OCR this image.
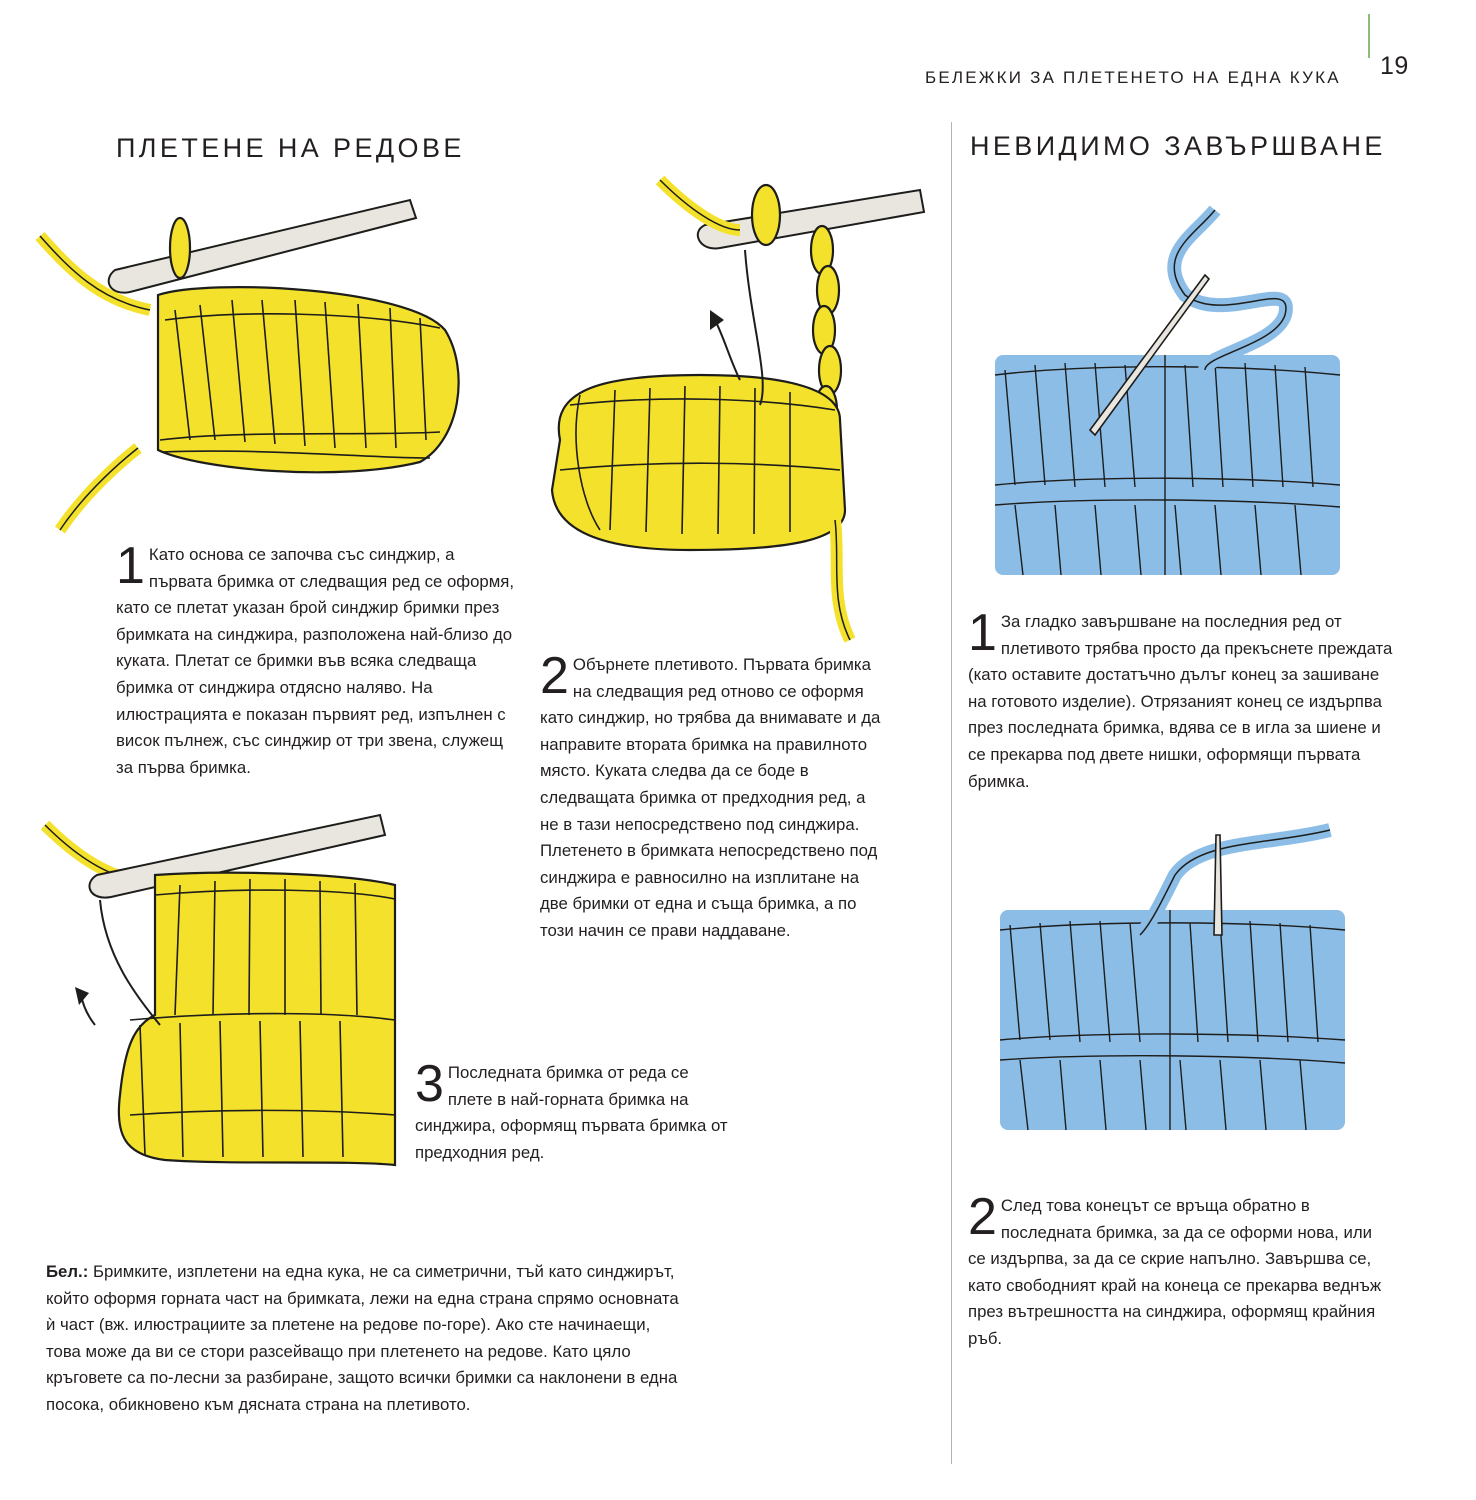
БЕЛЕЖКИ ЗА ПЛЕТЕНЕТО НА ЕДНА КУКА 19
ПЛЕТЕНЕ НА РЕДОВЕ	НЕВИДИМО ЗАВЪРШВАНЕ
1 Като основа се започва със синджир, а първата бримка от следващия ред се оформя, като се плетат указан брой синджир бримки през бримката на синджира, разположена най-близо до куката. Плетат се бримки във всяка следваща бримка от синджира отдясно наляво. На илюстрацията е показан първият ред, изпълнен с висок пълнеж, със синджир от три звена, служещ за първа бримка.
2 Обърнете плетивото. Първата бримка на следващия ред отново се оформя като синджир, но трябва да внимавате и да направите втората бримка на правилното място. Куката следва да се боде в следващата бримка от предходния ред, а не в тази непосредствено под синджира. Плетенето в бримката непосредствено под синджира е равносилно на изплитане на две бримки от една и съща бримка, а по този начин се прави наддаване.
3 Последната бримка от реда се плете в най-горната бримка на синджира, оформящ първата бримка от предходния ред.
1 За гладко завършване на последния ред от плетивото трябва просто да прекъснете преждата (като оставите достатъчно дълъг конец за зашиване на готовото изделие). Отрязаният конец се издърпва през последната бримка, вдява се в игла за шиене и се прекарва под двете нишки, оформящи първата бримка.
2 След това конецът се връща обратно в последната бримка, за да се оформи нова, или се издърпва, за да се скрие напълно. Завършва се, като свободният край на конеца се прекарва веднъж през вътрешността на синджира, оформящ крайния ръб.
Бел.: Бримките, изплетени на една кука, не са симетрични, тъй като синджирът, който оформя горната част на бримката, лежи на една страна спрямо основната ѝ част (вж. илюстрациите за плетене на редове по-горе). Ако сте начинаещи, това може да ви се стори разсейващо при плетенето на редове. Като цяло кръговете са по-лесни за разбиране, защото всички бримки са наклонени в една посока, обикновено към дясната страна на плетивото.
